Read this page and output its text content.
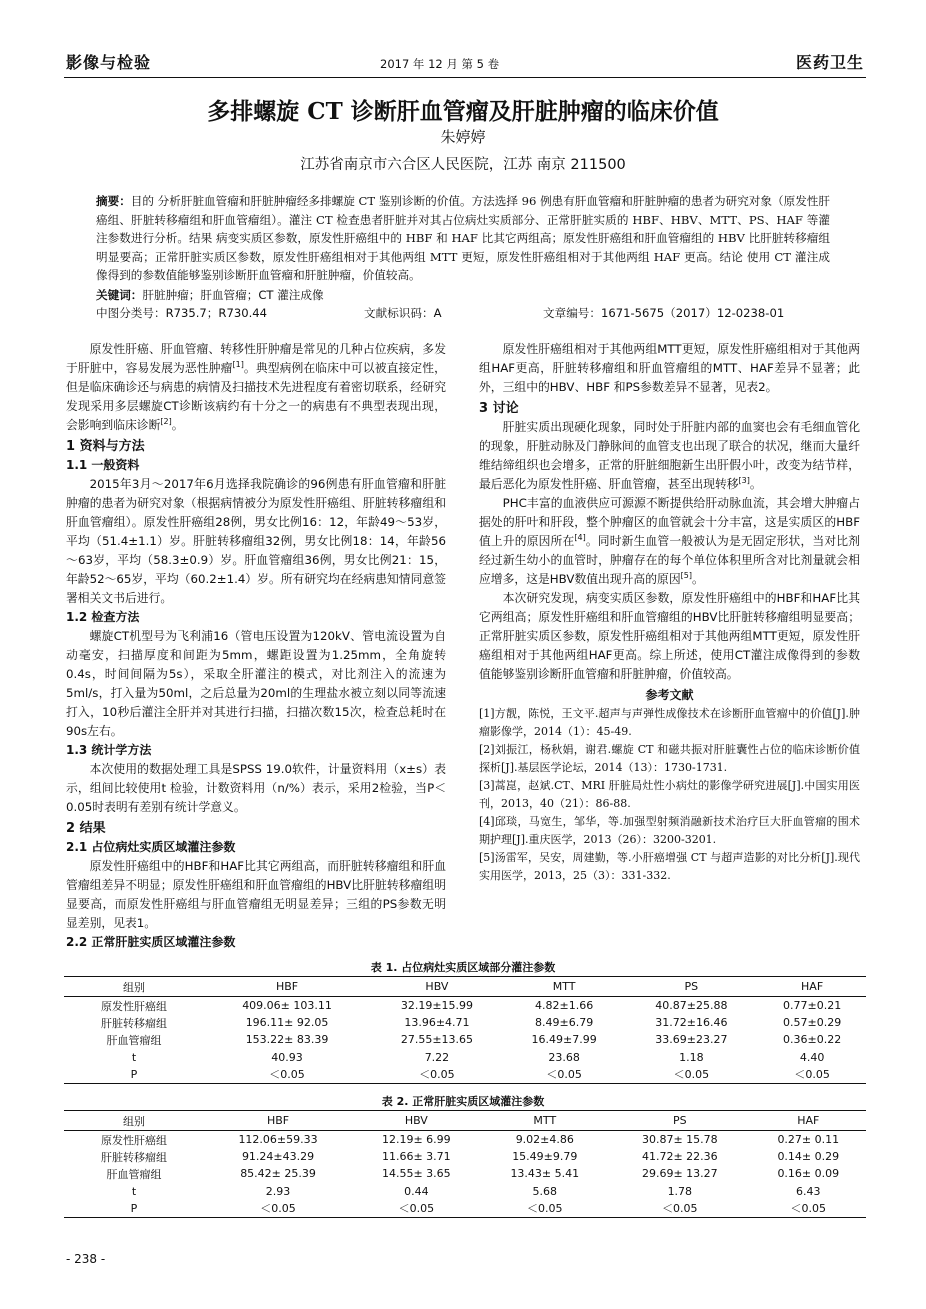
影像与检验	2017 年 12 月 第 5 卷	医药卫生
多排螺旋 CT 诊断肝血管瘤及肝脏肿瘤的临床价值
朱婷婷
江苏省南京市六合区人民医院，江苏 南京 211500
摘要：目的 分析肝脏血管瘤和肝脏肿瘤经多排螺旋 CT 鉴别诊断的价值。方法选择 96 例患有肝血管瘤和肝脏肿瘤的患者为研究对象（原发性肝癌组、肝脏转移瘤组和肝血管瘤组）。灌注 CT 检查患者肝脏并对其占位病灶实质部分、正常肝脏实质的 HBF、HBV、MTT、PS、HAF 等灌注参数进行分析。结果 病变实质区参数，原发性肝癌组中的 HBF 和 HAF 比其它两组高；原发性肝癌组和肝血管瘤组的 HBV 比肝脏转移瘤组明显要高；正常肝脏实质区参数，原发性肝癌组相对于其他两组 MTT 更短，原发性肝癌组相对于其他两组 HAF 更高。结论 使用 CT 灌注成像得到的参数值能够鉴别诊断肝血管瘤和肝脏肿瘤，价值较高。
关键词：肝脏肿瘤；肝血管瘤；CT 灌注成像
中图分类号：R735.7；R730.44	文献标识码：A	文章编号：1671-5675（2017）12-0238-01

原发性肝癌、肝血管瘤、转移性肝肿瘤是常见的几种占位疾病，多发于肝脏中，容易发展为恶性肿瘤[1]。典型病例在临床中可以被直接定性，但是临床确诊还与病患的病情及扫描技术先进程度有着密切联系，经研究发现采用多层螺旋CT诊断该病约有十分之一的病患有不典型表现出现，会影响到临床诊断[2]。

1 资料与方法
1.1 一般资料

2015年3月～2017年6月选择我院确诊的96例患有肝血管瘤和肝脏肿瘤的患者为研究对象（根据病情被分为原发性肝癌组、肝脏转移瘤组和肝血管瘤组）。原发性肝癌组28例，男女比例16：12，年龄49～53岁，平均（51.4±1.1）岁。肝脏转移瘤组32例，男女比例18：14，年龄56～63岁，平均（58.3±0.9）岁。肝血管瘤组36例，男女比例21：15，年龄52～65岁，平均（60.2±1.4）岁。所有研究均在经病患知情同意签署相关文书后进行。

1.2 检查方法

螺旋CT机型号为飞利浦16（管电压设置为120kV、管电流设置为自动毫安，扫描厚度和间距为5mm，螺距设置为1.25mm，全角旋转0.4s，时间间隔为5s），采取全肝灌注的模式，对比剂注入的流速为5ml/s，打入量为50ml，之后总量为20ml的生理盐水被立刻以同等流速打入，10秒后灌注全肝并对其进行扫描，扫描次数15次，检查总耗时在90s左右。

1.3 统计学方法

本次使用的数据处理工具是SPSS 19.0软件，计量资料用（x±s）表示，组间比较使用t 检验，计数资料用（n/%）表示，采用2检验，当P＜0.05时表明有差别有统计学意义。

2 结果
2.1 占位病灶实质区域灌注参数

原发性肝癌组中的HBF和HAF比其它两组高，而肝脏转移瘤组和肝血管瘤组差异不明显；原发性肝癌组和肝血管瘤组的HBV比肝脏转移瘤组明显要高，而原发性肝癌组与肝血管瘤组无明显差异；三组的PS参数无明显差别，见表1。

2.2 正常肝脏实质区域灌注参数

原发性肝癌组相对于其他两组MTT更短，原发性肝癌组相对于其他两组HAF更高，肝脏转移瘤组和肝血管瘤组的MTT、HAF差异不显著；此外，三组中的HBV、HBF 和PS参数差异不显著，见表2。

3 讨论

肝脏实质出现硬化现象，同时处于肝脏内部的血窦也会有毛细血管化的现象，肝脏动脉及门静脉间的血管支也出现了联合的状况，继而大量纤维结缔组织也会增多，正常的肝脏细胞新生出肝假小叶，改变为结节样，最后恶化为原发性肝癌、肝血管瘤，甚至出现转移[3]。

PHC丰富的血液供应可源源不断提供给肝动脉血流，其会增大肿瘤占据处的肝叶和肝段，整个肿瘤区的血管就会十分丰富，这是实质区的HBF值上升的原因所在[4]。同时新生血管一般被认为是无固定形状，当对比剂经过新生幼小的血管时，肿瘤存在的每个单位体积里所含对比剂量就会相应增多，这是HBV数值出现升高的原因[5]。

本次研究发现，病变实质区参数，原发性肝癌组中的HBF和HAF比其它两组高；原发性肝癌组和肝血管瘤组的HBV比肝脏转移瘤组明显要高；正常肝脏实质区参数，原发性肝癌组相对于其他两组MTT更短，原发性肝癌组相对于其他两组HAF更高。综上所述，使用CT灌注成像得到的参数值能够鉴别诊断肝血管瘤和肝脏肿瘤，价值较高。

参考文献
[1]方靓，陈悦，王文平.超声与声弹性成像技术在诊断肝血管瘤中的价值[J].肿瘤影像学，2014（1）：45-49.
[2]刘振江，杨秋娟，谢君.螺旋 CT 和磁共振对肝脏囊性占位的临床诊断价值探析[J].基层医学论坛，2014（13）：1730-1731.
[3]蒿崑，赵斌.CT、MRI 肝脏局灶性小病灶的影像学研究进展[J].中国实用医刊，2013，40（21）：86-88.
[4]邱琰，马宽生，邹华，等.加强型射频消融新技术治疗巨大肝血管瘤的围术期护理[J].重庆医学，2013（26）：3200-3201.
[5]汤雷军，吴安，周建勤，等.小肝癌增强 CT 与超声造影的对比分析[J].现代实用医学，2013，25（3）：331-332.
表 1. 占位病灶实质区域部分灌注参数
组别	HBF	HBV	MTT	PS	HAF
原发性肝癌组	409.06± 103.11	32.19±15.99	4.82±1.66	40.87±25.88	0.77±0.21
肝脏转移瘤组	196.11± 92.05	13.96±4.71	8.49±6.79	31.72±16.46	0.57±0.29
肝血管瘤组	153.22± 83.39	27.55±13.65	16.49±7.99	33.69±23.27	0.36±0.22
t	40.93	7.22	23.68	1.18	4.40
P	＜0.05	＜0.05	＜0.05	＜0.05	＜0.05
表 2. 正常肝脏实质区域灌注参数
组别	HBF	HBV	MTT	PS	HAF
原发性肝癌组	112.06±59.33	12.19± 6.99	9.02±4.86	30.87± 15.78	0.27± 0.11
肝脏转移瘤组	91.24±43.29	11.66± 3.71	15.49±9.79	41.72± 22.36	0.14± 0.29
肝血管瘤组	85.42± 25.39	14.55± 3.65	13.43± 5.41	29.69± 13.27	0.16± 0.09
t	2.93	0.44	5.68	1.78	6.43
P	＜0.05	＜0.05	＜0.05	＜0.05	＜0.05
- 238 -
